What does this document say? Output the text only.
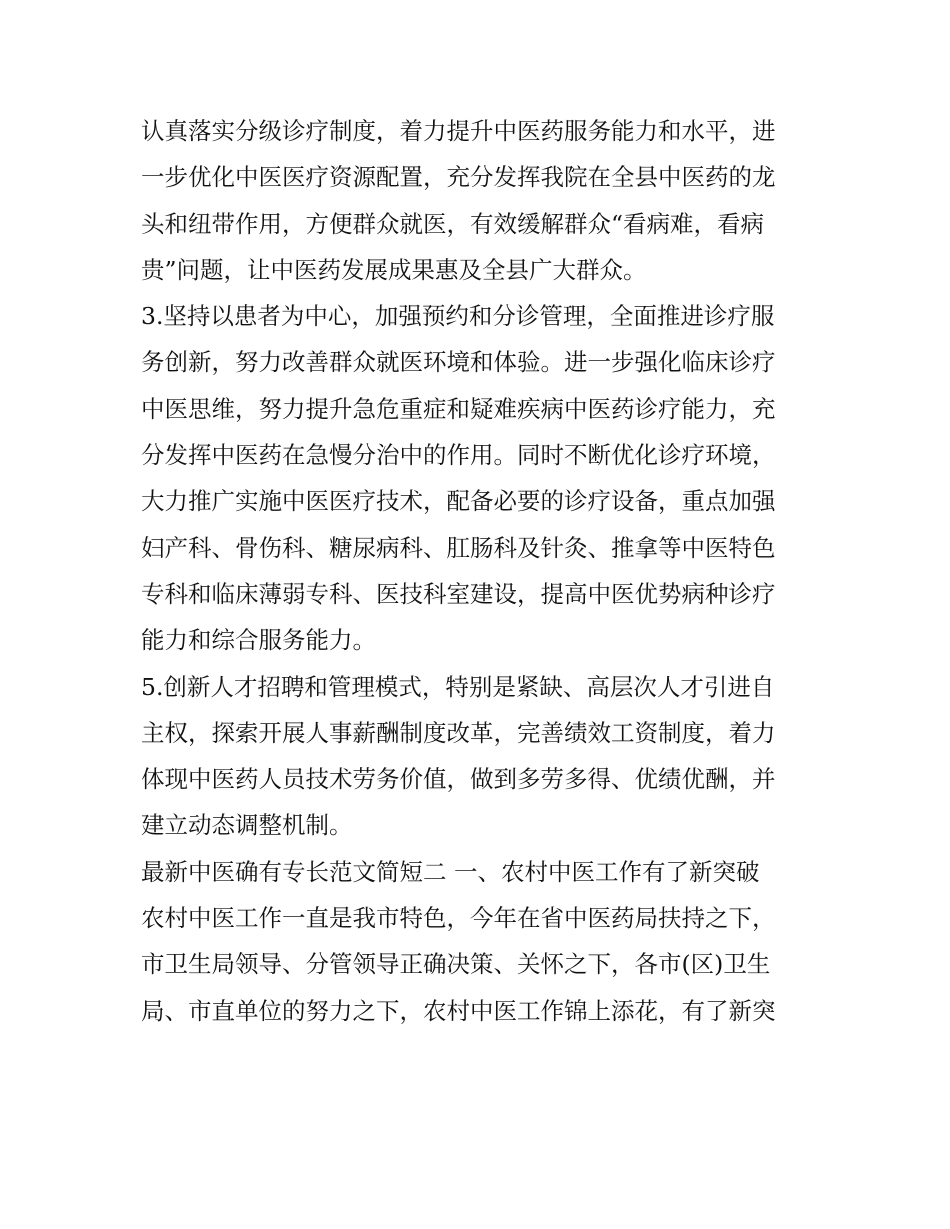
认真落实分级诊疗制度，着力提升中医药服务能力和水平，进
一步优化中医医疗资源配置，充分发挥我院在全县中医药的龙
头和纽带作用，方便群众就医，有效缓解群众“看病难，看病
贵”问题，让中医药发展成果惠及全县广大群众。
3.坚持以患者为中心，加强预约和分诊管理，全面推进诊疗服
务创新，努力改善群众就医环境和体验。进一步强化临床诊疗
中医思维，努力提升急危重症和疑难疾病中医药诊疗能力，充
分发挥中医药在急慢分治中的作用。同时不断优化诊疗环境，
大力推广实施中医医疗技术，配备必要的诊疗设备，重点加强
妇产科、骨伤科、糖尿病科、肛肠科及针灸、推拿等中医特色
专科和临床薄弱专科、医技科室建设，提高中医优势病种诊疗
能力和综合服务能力。
5.创新人才招聘和管理模式，特别是紧缺、高层次人才引进自
主权，探索开展人事薪酬制度改革，完善绩效工资制度，着力
体现中医药人员技术劳务价值，做到多劳多得、优绩优酬，并
建立动态调整机制。
最新中医确有专长范文简短二 一、农村中医工作有了新突破
农村中医工作一直是我市特色，今年在省中医药局扶持之下，
市卫生局领导、分管领导正确决策、关怀之下，各市(区)卫生
局、市直单位的努力之下，农村中医工作锦上添花，有了新突
